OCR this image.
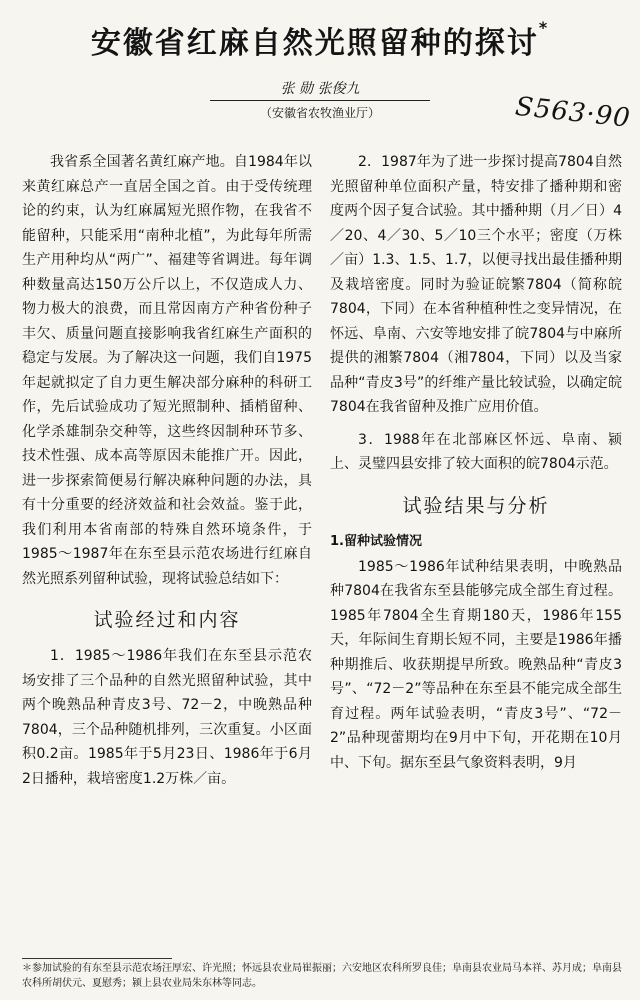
安徽省红麻自然光照留种的探讨*
张 勋 张俊九
（安徽省农牧渔业厅）	S563·90

我省系全国著名黄红麻产地。自1984年以来黄红麻总产一直居全国之首。由于受传统理论的约束，认为红麻属短光照作物，在我省不能留种，只能采用“南种北植”，为此每年所需生产用种均从“两广”、福建等省调进。每年调种数量高达150万公斤以上，不仅造成人力、物力极大的浪费，而且常因南方产种省份种子丰欠、质量问题直接影响我省红麻生产面积的稳定与发展。为了解决这一问题，我们自1975年起就拟定了自力更生解决部分麻种的科研工作，先后试验成功了短光照制种、插梢留种、化学杀雄制杂交种等，这些终因制种环节多、技术性强、成本高等原因未能推广开。因此，进一步探索简便易行解决麻种问题的办法，具有十分重要的经济效益和社会效益。鉴于此，我们利用本省南部的特殊自然环境条件，于1985～1987年在东至县示范农场进行红麻自然光照系列留种试验，现将试验总结如下：

试验经过和内容

1．1985～1986年我们在东至县示范农场安排了三个品种的自然光照留种试验，其中两个晚熟品种青皮3号、72－2，中晚熟品种7804，三个品种随机排列，三次重复。小区面积0.2亩。1985年于5月23日、1986年于6月2日播种，栽培密度1.2万株／亩。

2．1987年为了进一步探讨提高7804自然光照留种单位面积产量，特安排了播种期和密度两个因子复合试验。其中播种期（月／日）4／20、4／30、5／10三个水平；密度（万株／亩）1.3、1.5、1.7，以便寻找出最佳播种期及栽培密度。同时为验证皖繁7804（简称皖7804，下同）在本省种植种性之变异情况，在怀远、阜南、六安等地安排了皖7804与中麻所提供的湘繁7804（湘7804，下同）以及当家品种“青皮3号”的纤维产量比较试验，以确定皖7804在我省留种及推广应用价值。

3．1988年在北部麻区怀远、阜南、颍上、灵璧四县安排了较大面积的皖7804示范。

试验结果与分析
1.留种试验情况

1985～1986年试种结果表明，中晚熟品种7804在我省东至县能够完成全部生育过程。1985年7804全生育期180天，1986年155天，年际间生育期长短不同，主要是1986年播种期推后、收获期提早所致。晚熟品种“青皮3号”、“72－2”等品种在东至县不能完成全部生育过程。两年试验表明，“青皮3号”、“72－2”品种现蕾期均在9月中下旬，开花期在10月中、下旬。据东至县气象资料表明，9月

＊参加试验的有东至县示范农场汪厚宏、许光照；怀远县农业局崔振丽；六安地区农科所罗良佳；阜南县农业局马本祥、苏月成；阜南县农科所胡伏元、夏慰秀；颍上县农业局朱东林等同志。
